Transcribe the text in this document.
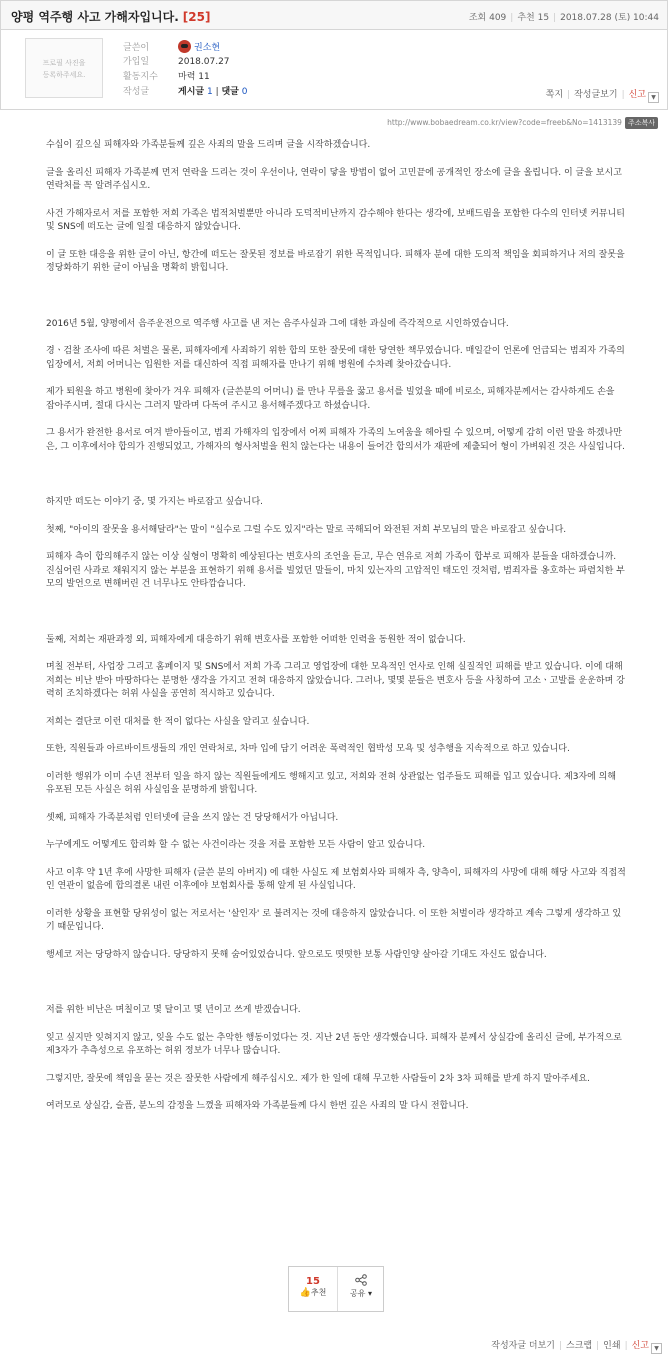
양평 역주행 사고 가해자입니다. [25]	조회 409 | 추천 15 | 2018.07.28 (토) 10:44
프로필 사진을
등록하주세요.
글쓴이	권소현
가입일	2018.07.27
활동지수 마력 11
작성글	게시글 1 | 댓글 0	쪽지 | 작성글보기 | 신고 ▼
http://www.bobaedream.co.kr/view?code=freeb&No=1413139 주소복사

수십이 깊으실 피해자와 가족분들께 깊은 사죄의 말을 드리며 글을 시작하겠습니다.

글을 올리신 피해자 가족분께 먼저 연락을 드리는 것이 우선이나, 연락이 닿을 방법이 없어 고민끝에 공개적인 장소에 글을 올립니다. 이 글을 보시고 연락처를 꼭 알려주십시오.

사건 가해자로서 저를 포함한 저희 가족은 법적처벌뿐만 아니라 도덕적비난까지 감수해야 한다는 생각에, 보배드림을 포함한 다수의 인터넷 커뮤니티 및 SNS에 떠도는 글에 일절 대응하지 않았습니다.

이 글 또한 대응을 위한 글이 아닌, 항간에 떠도는 잘못된 정보를 바로잡기 위한 목적입니다. 피해자 분에 대한 도의적 책임을 회피하거나 저의 잘못을 정당화하기 위한 글이 아님을 명확히 밝힙니다.

2016년 5월, 양평에서 음주운전으로 역주행 사고를 낸 저는 음주사실과 그에 대한 과실에 즉각적으로 시인하였습니다.

경ㆍ검찰 조사에 따른 처벌은 물론, 피해자에게 사죄하기 위한 합의 또한 잘못에 대한 당연한 책무였습니다. 매일같이 언론에 언급되는 범죄자 가족의 입장에서, 저희 어머니는 입원한 저를 대신하여 직접 피해자를 만나기 위해 병원에 수차례 찾아갔습니다.

제가 퇴원을 하고 병원에 찾아가 겨우 피해자 (글쓴분의 어머니) 를 만나 무릎을 꿇고 용서를 빌었을 때에 비로소, 피해자분께서는 감사하게도 손을 잡아주시며, 절대 다시는 그러지 말라며 다독여 주시고 용서해주겠다고 하셨습니다.

그 용서가 완전한 용서로 여겨 받아들이고, 범죄 가해자의 입장에서 어찌 피해자 가족의 노여움을 헤아릴 수 있으며, 어떻게 감히 이런 말을 하겠나만은, 그 이후에서야 합의가 진행되었고, 가해자의 형사처벌을 원치 않는다는 내용이 들어간 합의서가 재판에 제출되어 형이 가벼워진 것은 사실입니다.

하지만 떠도는 이야기 중, 몇 가지는 바로잡고 싶습니다.

첫째, "아이의 잘못을 용서해달라"는 말이 "실수로 그럴 수도 있지"라는 말로 곡해되어 와전된 저희 부모님의 말은 바로잡고 싶습니다.

피해자 측이 합의해주지 않는 이상 실형이 명확히 예상된다는 변호사의 조언을 듣고, 무슨 연유로 저희 가족이 합부로 피해자 분들을 대하겠습니까. 진심어린 사과로 채워지지 않는 부분을 표현하기 위해 용서를 빌었던 말들이, 마치 있는자의 고압적인 태도인 것처럼, 범죄자를 옹호하는 파렴치한 부모의 발언으로 변해버린 건 너무나도 안타깝습니다.

둘째, 저희는 재판과정 외, 피해자에게 대응하기 위해 변호사를 포함한 어떠한 인력을 동원한 적이 없습니다.

며칠 전부터, 사업장 그리고 홈페이지 및 SNS에서 저희 가족 그리고 영업장에 대한 모욕적인 언사로 인해 실질적인 피해를 받고 있습니다. 이에 대해 저희는 비난 받아 마땅하다는 분명한 생각을 가지고 전혀 대응하지 않았습니다. 그러나, 몇몇 분들은 변호사 등을 사칭하여 고소ㆍ고발를 운운하며 강력히 조치하겠다는 허위 사실을 공연히 적시하고 있습니다.

저희는 결단코 이런 대처를 한 적이 없다는 사실을 알리고 싶습니다.

또한, 직원들과 아르바이트생들의 개인 연락처로, 차마 입에 담기 어려운 폭력적인 협박성 모욕 및 성추행을 지속적으로 하고 있습니다.

이러한 행위가 이미 수년 전부터 일을 하지 않는 직원들에게도 행해지고 있고, 저희와 전혀 상관없는 업주들도 피해를 입고 있습니다. 제3자에 의해 유포된 모든 사실은 허위 사실임을 분명하게 밝힙니다.

셋째, 피해자 가족분처럼 인터넷에 글을 쓰지 않는 건 당당해서가 아닙니다.

누구에게도 어떻게도 합리화 할 수 없는 사건이라는 것을 저를 포함한 모든 사람이 알고 있습니다.

사고 이후 약 1년 후에 사망한 피해자 (글쓴 분의 아버지) 에 대한 사실도 제 보험회사와 피해자 측, 양측이, 피해자의 사망에 대해 해당 사고와 직접적인 연관이 없음에 합의결론 내린 이후에야 보험회사를 통해 알게 된 사실입니다.

이러한 상황을 표현할 당위성이 없는 저로서는 '살인자' 로 불려지는 것에 대응하지 않았습니다. 이 또한 처벌이라 생각하고 계속 그렇게 생각하고 있기 때문입니다.

행세코 저는 당당하지 않습니다. 당당하지 못해 숨어있었습니다. 앞으로도 떳떳한 보통 사람인양 살아갈 기대도 자신도 없습니다.

저를 위한 비난은 며칠이고 몇 달이고 몇 년이고 쓰게 받겠습니다.

잊고 싶지만 잊혀지지 않고, 잊을 수도 없는 추악한 행동이었다는 것. 지난 2년 동안 생각했습니다. 피해자 분께서 상실감에 올리신 글에, 부가적으로 제3자가 추측성으로 유포하는 허위 정보가 너무나 많습니다.

그렇지만, 잘못에 책임을 묻는 것은 잘못한 사람에게 해주십시오. 제가 한 일에 대해 무고한 사람들이 2차 3차 피해를 받게 하지 말아주세요.

여러모로 상실감, 슬픔, 분노의 감정을 느꼈을 피해자와 가족분들께 다시 한번 깊은 사죄의 말 다시 전합니다.

15
👍추천	공유 ▾
작성자글 더보기 | 스크랩 | 인쇄 | 신고 ▼
